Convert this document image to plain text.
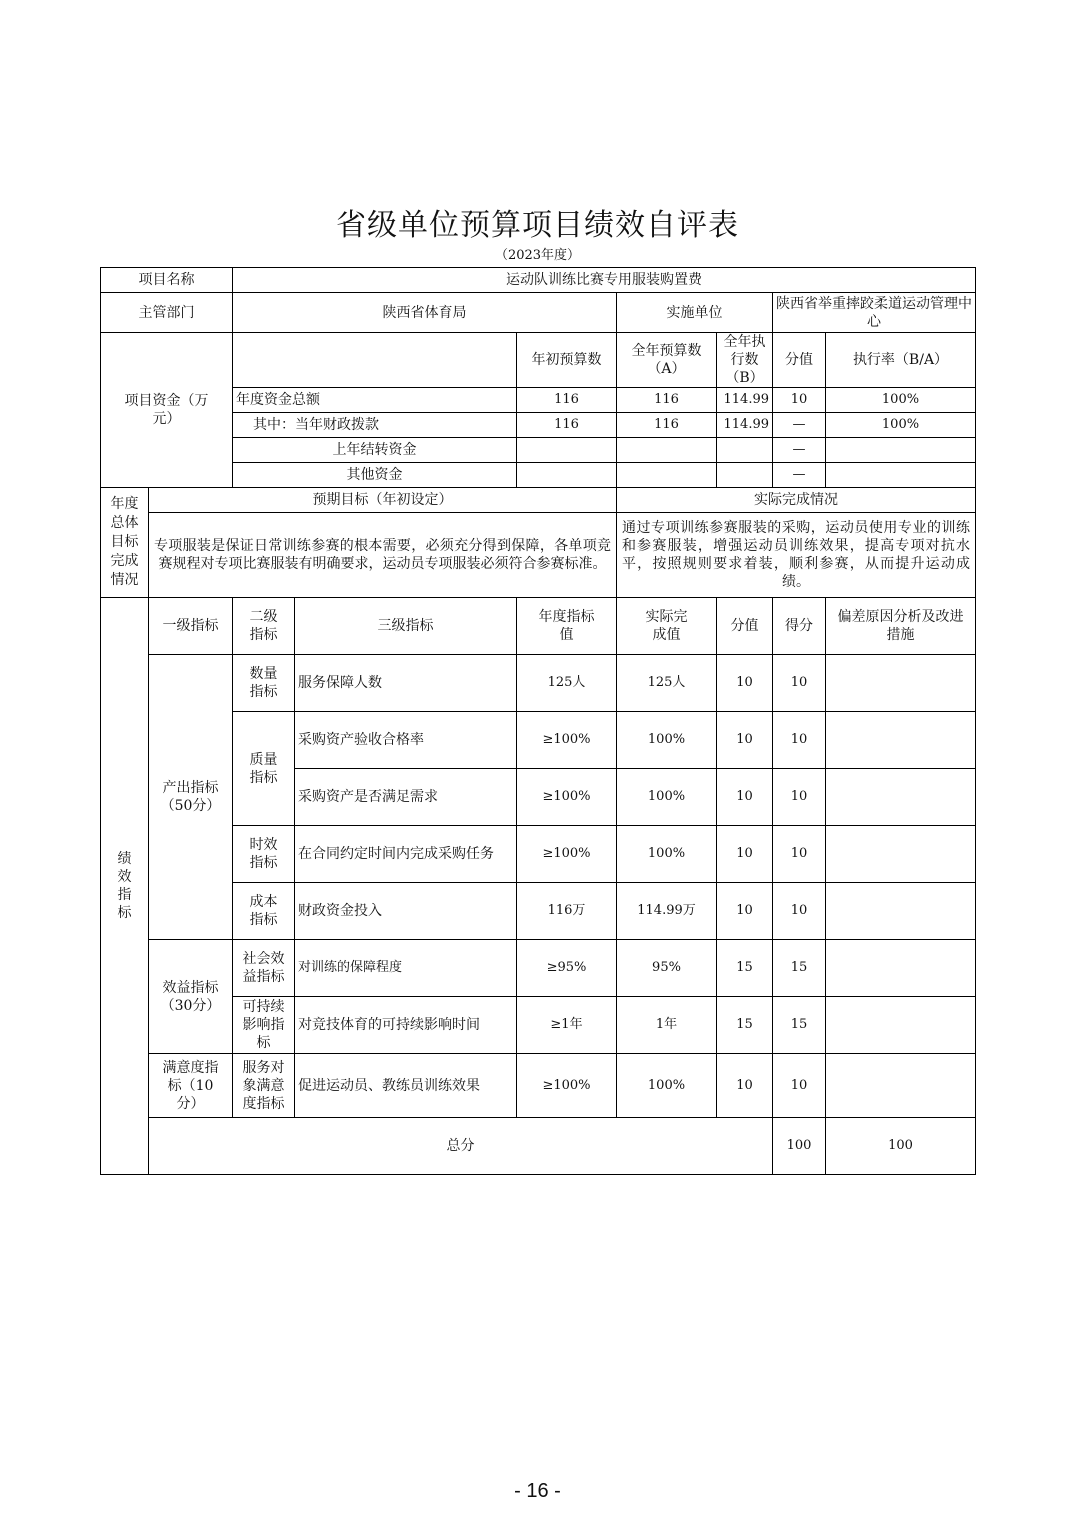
省级单位预算项目绩效自评表
（2023年度）
项目名称		运动队训练比赛专用服装购置费							
主管部门		陕西省体育局			实施单位		陕西省举重摔跤柔道运动管理中心		
项目资金（万元）				年初预算数	全年预算数（A）	全年执行数（B）	分值	执行率（B/A）	
		年度资金总额		116	116	114.99	10	100%	
		其中：当年财政拨款		116	116	114.99	—	100%	
		上年结转资金					—		
		其他资金					—		
年度总体目标完成情况	预期目标（年初设定）				实际完成情况				
	专项服装是保证日常训练参赛的根本需要，必须充分得到保障，各单项竞赛规程对专项比赛服装有明确要求，运动员专项服装必须符合参赛标准。				通过专项训练参赛服装的采购，运动员使用专业的训练和参赛服装，增强运动员训练效果，提高专项对抗水平，按照规则要求着装，顺利参赛，从而提升运动成绩。				
绩效指标	一级指标	二级指标	三级指标	年度指标值	实际完成值	分值	得分	偏差原因分析及改进措施	
	产出指标（50分）	数量指标	服务保障人数	125人	125人	10	10		
		质量指标	采购资产验收合格率	≥100%	100%	10	10		
			采购资产是否满足需求	≥100%	100%	10	10		
		时效指标	在合同约定时间内完成采购任务	≥100%	100%	10	10		
		成本指标	财政资金投入	116万	114.99万	10	10		
	效益指标（30分）	社会效益指标	对训练的保障程度	≥95%	95%	15	15		
		可持续影响指标	对竞技体育的可持续影响时间	≥1年	1年	15	15		
	满意度指标（10分）	服务对象满意度指标	促进运动员、教练员训练效果	≥100%	100%	10	10		
	总分						100	100	
- 16 -
